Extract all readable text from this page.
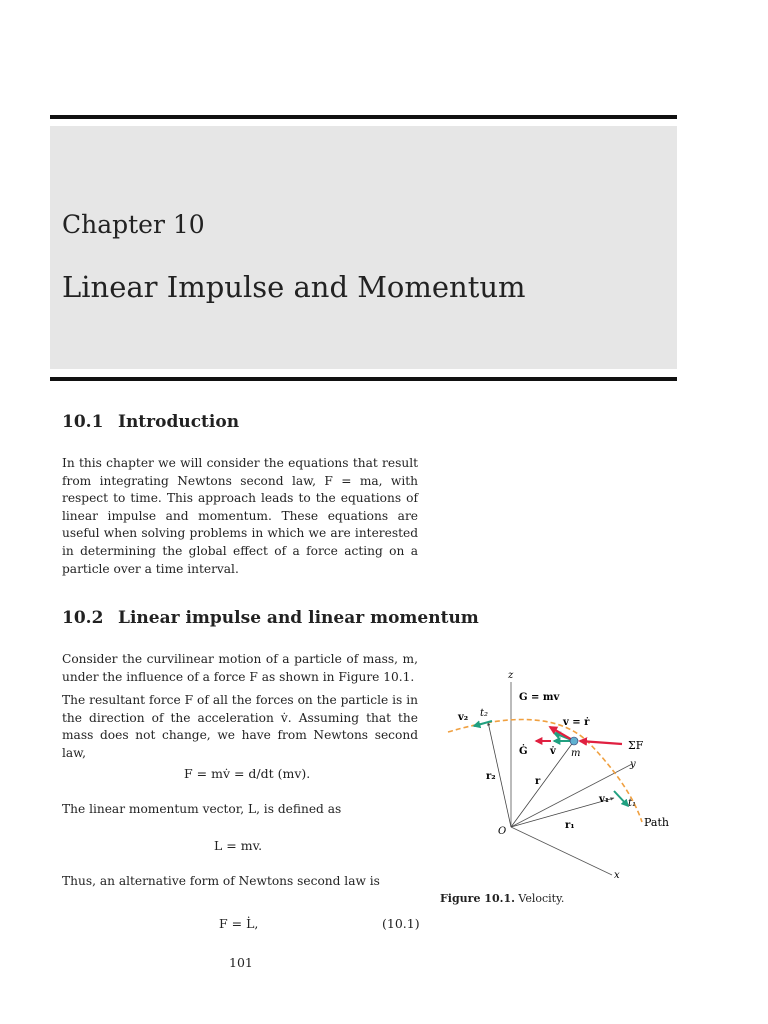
Chapter 10
Linear Impulse and Momentum
10.1 Introduction

In this chapter we will consider the equations that result from integrating Newtons second law, F = ma, with respect to time. This approach leads to the equations of linear impulse and momentum. These equations are useful when solving problems in which we are interested in determining the global effect of a force acting on a particle over a time interval.

10.2 Linear impulse and linear momentum

Consider the curvilinear motion of a particle of mass, m, under the influence of a force F as shown in Figure 10.1.

The resultant force F of all the forces on the particle is in the direction of the acceleration v̇. Assuming that the mass does not change, we have from Newtons second law,

F = mv̇ = d/dt (mv).

The linear momentum vector, L, is defined as

L = mv.

Thus, an alternative form of Newtons second law is

F = L̇,	(10.1)
z
y
x
O
G = mv
v = ṙ
ΣF
Ġ v̇ m
r
r₁
r₂
v₁
v₂
t₁
t₂
Path
Figure 10.1. Velocity.
101
